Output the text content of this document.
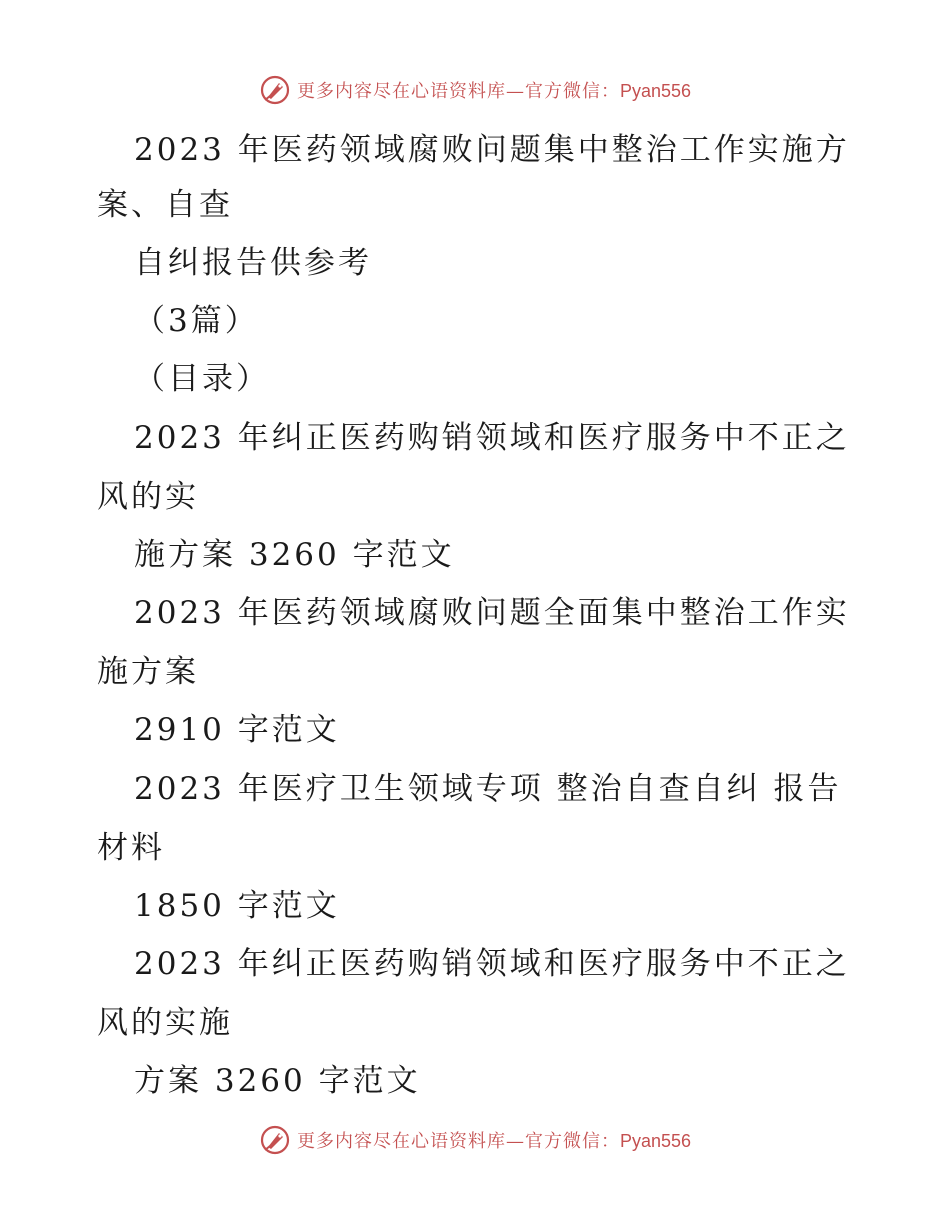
更多内容尽在心语资料库—官方微信：Pyan556
2023 年医药领域腐败问题集中整治工作实施方
案、自查
自纠报告供参考
（3篇）
（目录）
2023 年纠正医药购销领域和医疗服务中不正之
风的实
施方案 3260 字范文
2023 年医药领域腐败问题全面集中整治工作实
施方案
2910 字范文
2023 年医疗卫生领域专项 整治自查自纠 报告
材料
1850 字范文
2023 年纠正医药购销领域和医疗服务中不正之
风的实施
方案 3260 字范文
更多内容尽在心语资料库—官方微信：Pyan556
